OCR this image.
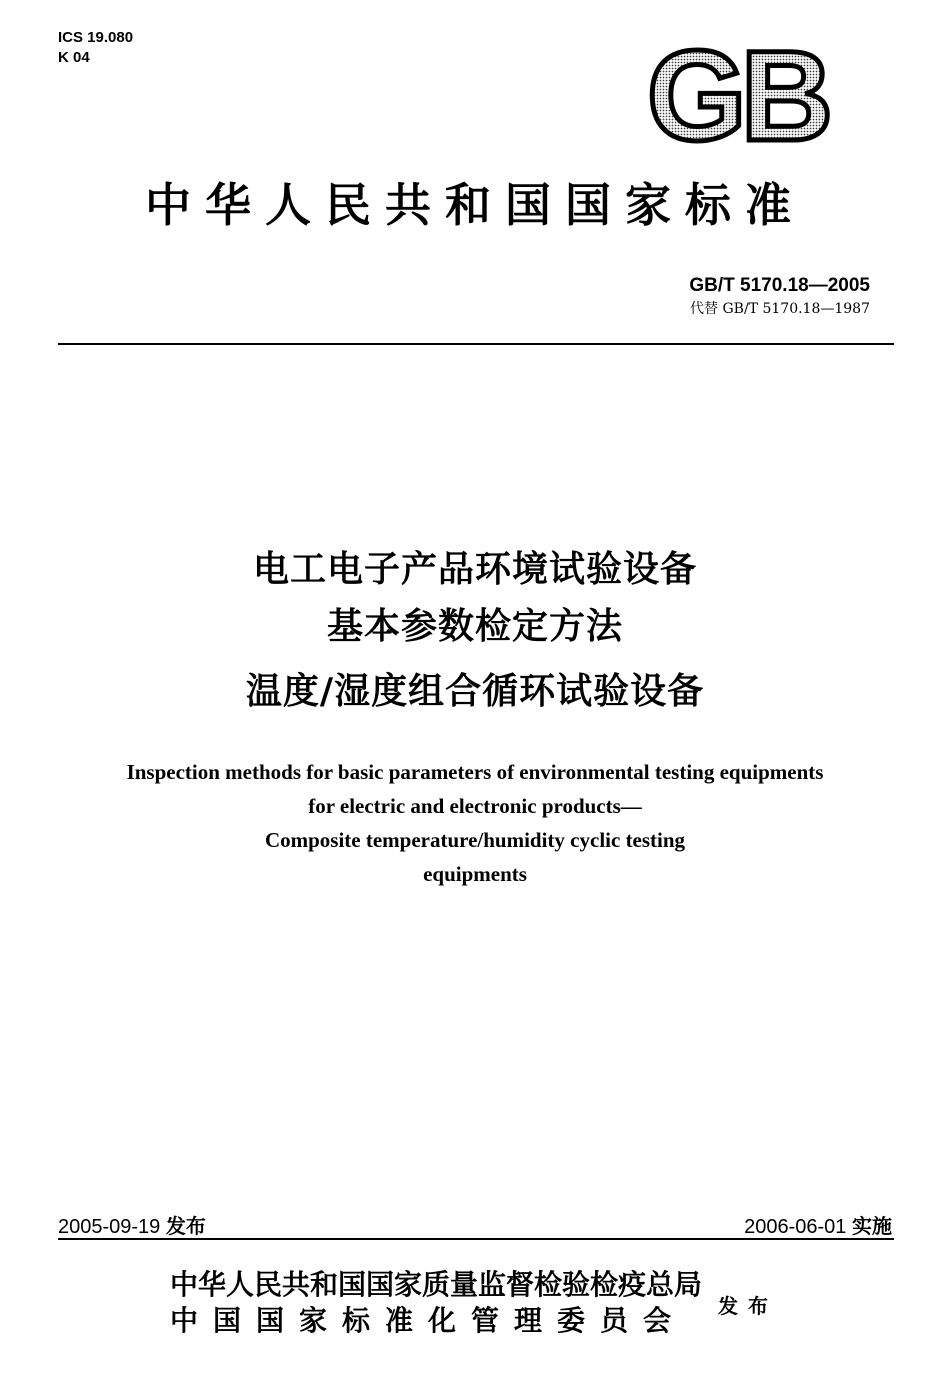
ICS 19.080
K 04	GB
中华人民共和国国家标准
GB/T 5170.18—2005
代替 GB/T 5170.18—1987
电工电子产品环境试验设备
基本参数检定方法
温度/湿度组合循环试验设备
Inspection methods for basic parameters of environmental testing equipments
for electric and electronic products—
Composite temperature/humidity cyclic testing
equipments
2005-09-19 发布	2006-06-01 实施
中华人民共和国国家质量监督检验检疫总局
中国国家标准化管理委员会 发布
